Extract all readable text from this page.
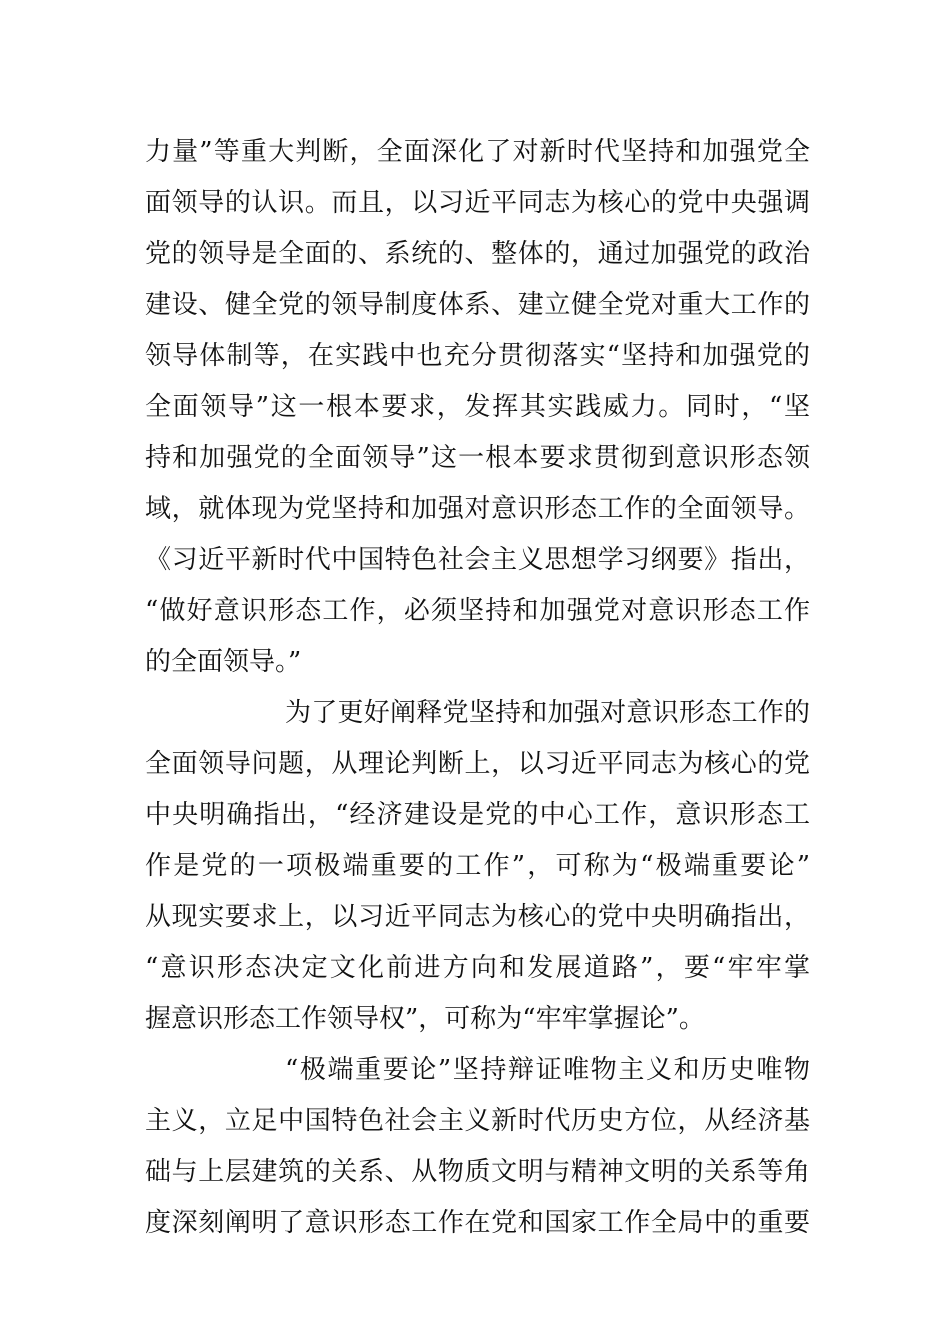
力量”等重大判断，全面深化了对新时代坚持和加强党全
面领导的认识。而且，以习近平同志为核心的党中央强调
党的领导是全面的、系统的、整体的，通过加强党的政治
建设、健全党的领导制度体系、建立健全党对重大工作的
领导体制等，在实践中也充分贯彻落实“坚持和加强党的
全面领导”这一根本要求，发挥其实践威力。同时，“坚
持和加强党的全面领导”这一根本要求贯彻到意识形态领
域，就体现为党坚持和加强对意识形态工作的全面领导。
《习近平新时代中国特色社会主义思想学习纲要》指出，
“做好意识形态工作，必须坚持和加强党对意识形态工作
的全面领导。”
为了更好阐释党坚持和加强对意识形态工作的
全面领导问题，从理论判断上，以习近平同志为核心的党
中央明确指出，“经济建设是党的中心工作，意识形态工
作是党的一项极端重要的工作”，可称为“极端重要论”
从现实要求上，以习近平同志为核心的党中央明确指出，
“意识形态决定文化前进方向和发展道路”，要“牢牢掌
握意识形态工作领导权”，可称为“牢牢掌握论”。
“极端重要论”坚持辩证唯物主义和历史唯物
主义，立足中国特色社会主义新时代历史方位，从经济基
础与上层建筑的关系、从物质文明与精神文明的关系等角
度深刻阐明了意识形态工作在党和国家工作全局中的重要
